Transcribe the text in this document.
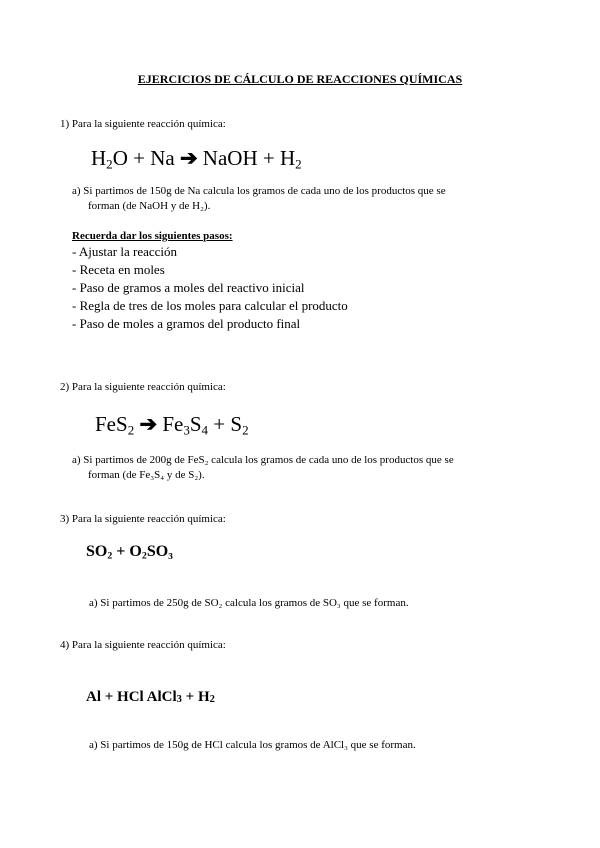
EJERCICIOS DE CÁLCULO DE REACCIONES QUÍMICAS
1) Para la siguiente reacción química:
H2O + Na ➔ NaOH + H2
a) Si partimos de 150g de Na calcula los gramos de cada uno de los productos que se
forman (de NaOH y de H₂).
Recuerda dar los siguientes pasos:
- Ajustar la reacción
- Receta en moles
- Paso de gramos a moles del reactivo inicial
- Regla de tres de los moles para calcular el producto
- Paso de moles a gramos del producto final
2) Para la siguiente reacción química:
FeS2 ➔ Fe3S4 + S2
a) Si partimos de 200g de FeS₂ calcula los gramos de cada uno de los productos que se
forman (de Fe₃S₄ y de S₂).
3) Para la siguiente reacción química:
SO2 + O2SO₃
a) Si partimos de 250g de SO₂ calcula los gramos de SO₃ que se forman.
4) Para la siguiente reacción química:
Al + HCl AlCl3 + H2
a) Si partimos de 150g de HCl calcula los gramos de AlCl₃ que se forman.
